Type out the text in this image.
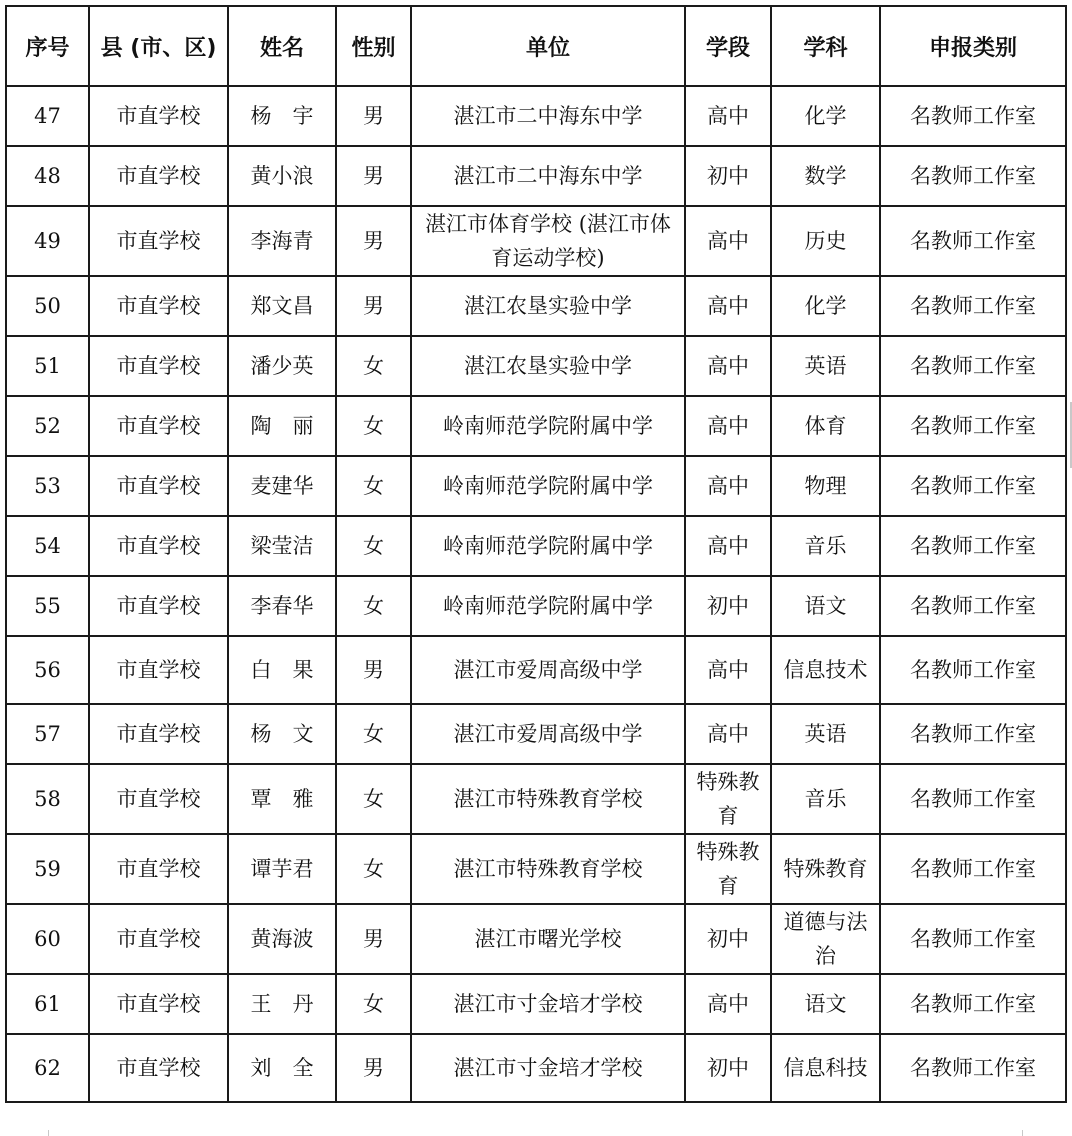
序号	县 (市、区)	姓名	性别	单位	学段	学科	申报类别
47	市直学校	杨　宇	男	湛江市二中海东中学	高中	化学	名教师工作室
48	市直学校	黄小浪	男	湛江市二中海东中学	初中	数学	名教师工作室
49	市直学校	李海青	男	湛江市体育学校 (湛江市体育运动学校)	高中	历史	名教师工作室
50	市直学校	郑文昌	男	湛江农垦实验中学	高中	化学	名教师工作室
51	市直学校	潘少英	女	湛江农垦实验中学	高中	英语	名教师工作室
52	市直学校	陶　丽	女	岭南师范学院附属中学	高中	体育	名教师工作室
53	市直学校	麦建华	女	岭南师范学院附属中学	高中	物理	名教师工作室
54	市直学校	梁莹洁	女	岭南师范学院附属中学	高中	音乐	名教师工作室
55	市直学校	李春华	女	岭南师范学院附属中学	初中	语文	名教师工作室
56	市直学校	白　果	男	湛江市爱周高级中学	高中	信息技术	名教师工作室
57	市直学校	杨　文	女	湛江市爱周高级中学	高中	英语	名教师工作室
58	市直学校	覃　雅	女	湛江市特殊教育学校	特殊教育	音乐	名教师工作室
59	市直学校	谭芋君	女	湛江市特殊教育学校	特殊教育	特殊教育	名教师工作室
60	市直学校	黄海波	男	湛江市曙光学校	初中	道德与法治	名教师工作室
61	市直学校	王　丹	女	湛江市寸金培才学校	高中	语文	名教师工作室
62	市直学校	刘　全	男	湛江市寸金培才学校	初中	信息科技	名教师工作室
